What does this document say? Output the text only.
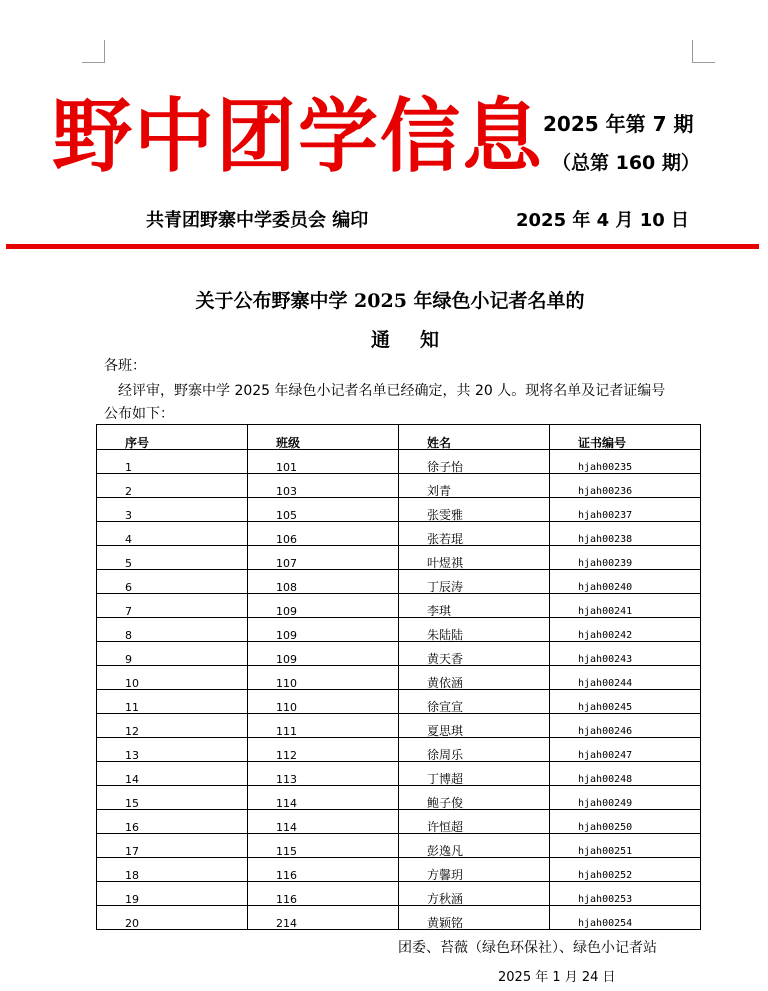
野中团学信息 2025 年第 7 期
（总第 160 期）
共青团野寨中学委员会 编印	2025 年 4 月 10 日
关于公布野寨中学 2025 年绿色小记者名单的
通知
各班：
经评审，野寨中学 2025 年绿色小记者名单已经确定，共 20 人。现将名单及记者证编号
公布如下：
序号	班级	姓名	证书编号
1	101	徐子怡	hjah00235
2	103	刘青	hjah00236
3	105	张雯雅	hjah00237
4	106	张若琨	hjah00238
5	107	叶煜祺	hjah00239
6	108	丁辰涛	hjah00240
7	109	李琪	hjah00241
8	109	朱陆陆	hjah00242
9	109	黄天香	hjah00243
10	110	黄依涵	hjah00244
11	110	徐宣宣	hjah00245
12	111	夏思琪	hjah00246
13	112	徐周乐	hjah00247
14	113	丁博超	hjah00248
15	114	鲍子俊	hjah00249
16	114	许恒超	hjah00250
17	115	彭逸凡	hjah00251
18	116	方馨玥	hjah00252
19	116	方秋涵	hjah00253
20	214	黄颖铭	hjah00254
团委、苔薇（绿色环保社）、绿色小记者站
2025 年 1 月 24 日
